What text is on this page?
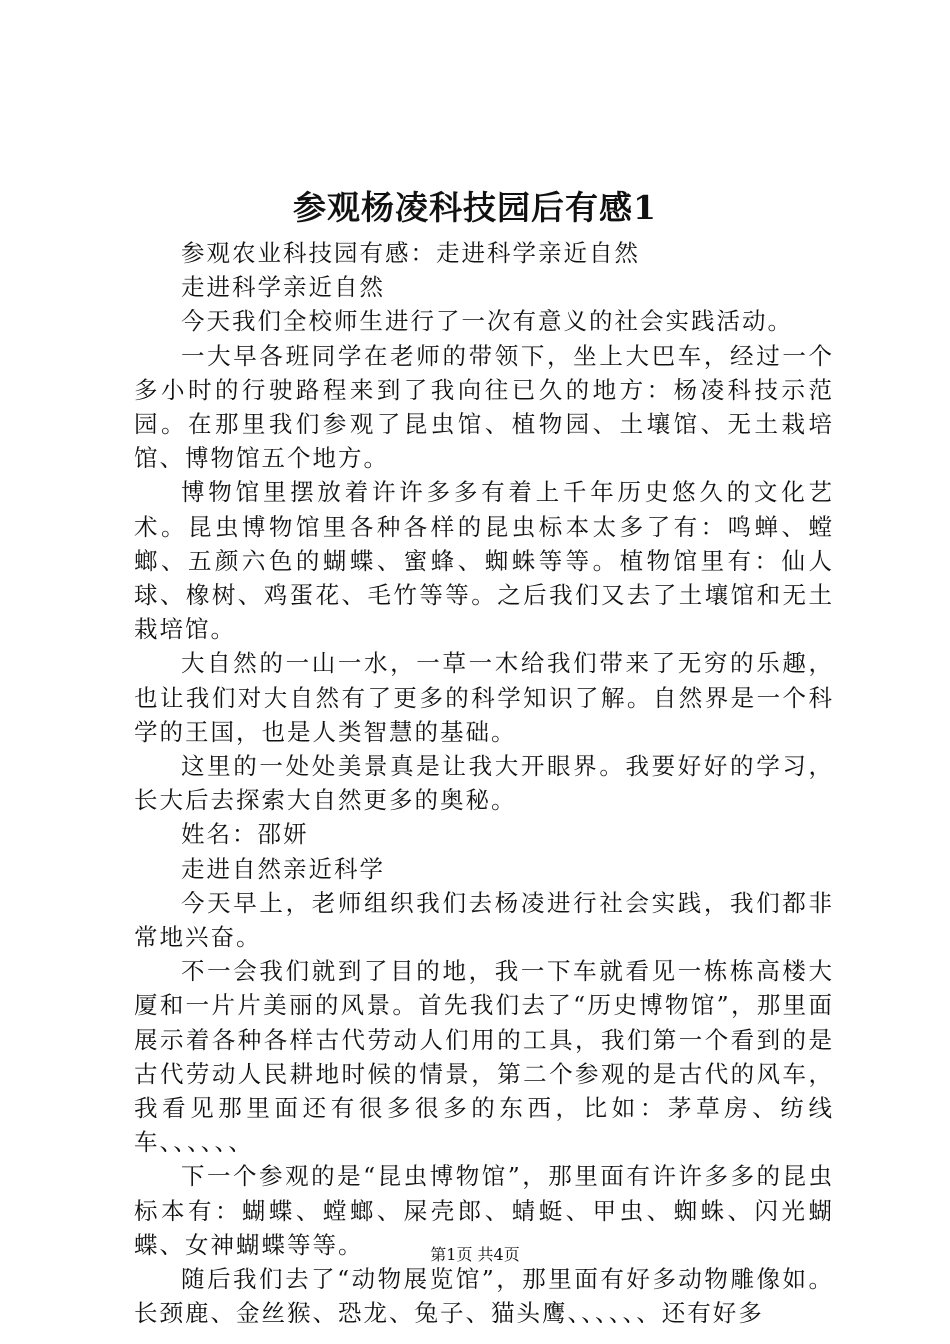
参观杨凌科技园后有感1

参观农业科技园有感：走进科学亲近自然

走进科学亲近自然

今天我们全校师生进行了一次有意义的社会实践活动。

一大早各班同学在老师的带领下，坐上大巴车，经过一个多小时的行驶路程来到了我向往已久的地方：杨凌科技示范园。在那里我们参观了昆虫馆、植物园、土壤馆、无土栽培馆、博物馆五个地方。

博物馆里摆放着许许多多有着上千年历史悠久的文化艺术。昆虫博物馆里各种各样的昆虫标本太多了有：鸣蝉、螳螂、五颜六色的蝴蝶、蜜蜂、蜘蛛等等。植物馆里有：仙人球、橡树、鸡蛋花、毛竹等等。之后我们又去了土壤馆和无土栽培馆。

大自然的一山一水，一草一木给我们带来了无穷的乐趣，也让我们对大自然有了更多的科学知识了解。自然界是一个科学的王国，也是人类智慧的基础。

这里的一处处美景真是让我大开眼界。我要好好的学习，长大后去探索大自然更多的奥秘。

姓名：邵妍

走进自然亲近科学

今天早上，老师组织我们去杨凌进行社会实践，我们都非常地兴奋。

不一会我们就到了目的地，我一下车就看见一栋栋高楼大厦和一片片美丽的风景。首先我们去了“历史博物馆”，那里面展示着各种各样古代劳动人们用的工具，我们第一个看到的是古代劳动人民耕地时候的情景，第二个参观的是古代的风车，我看见那里面还有很多很多的东西，比如：茅草房、纺线车、、、、、、

下一个参观的是“昆虫博物馆”，那里面有许许多多的昆虫标本有：蝴蝶、螳螂、屎壳郎、蜻蜓、甲虫、蜘蛛、闪光蝴蝶、女神蝴蝶等等。

随后我们去了“动物展览馆”，那里面有好多动物雕像如。长颈鹿、金丝猴、恐龙、兔子、猫头鹰、、、、、、还有好多

第1页 共4页
